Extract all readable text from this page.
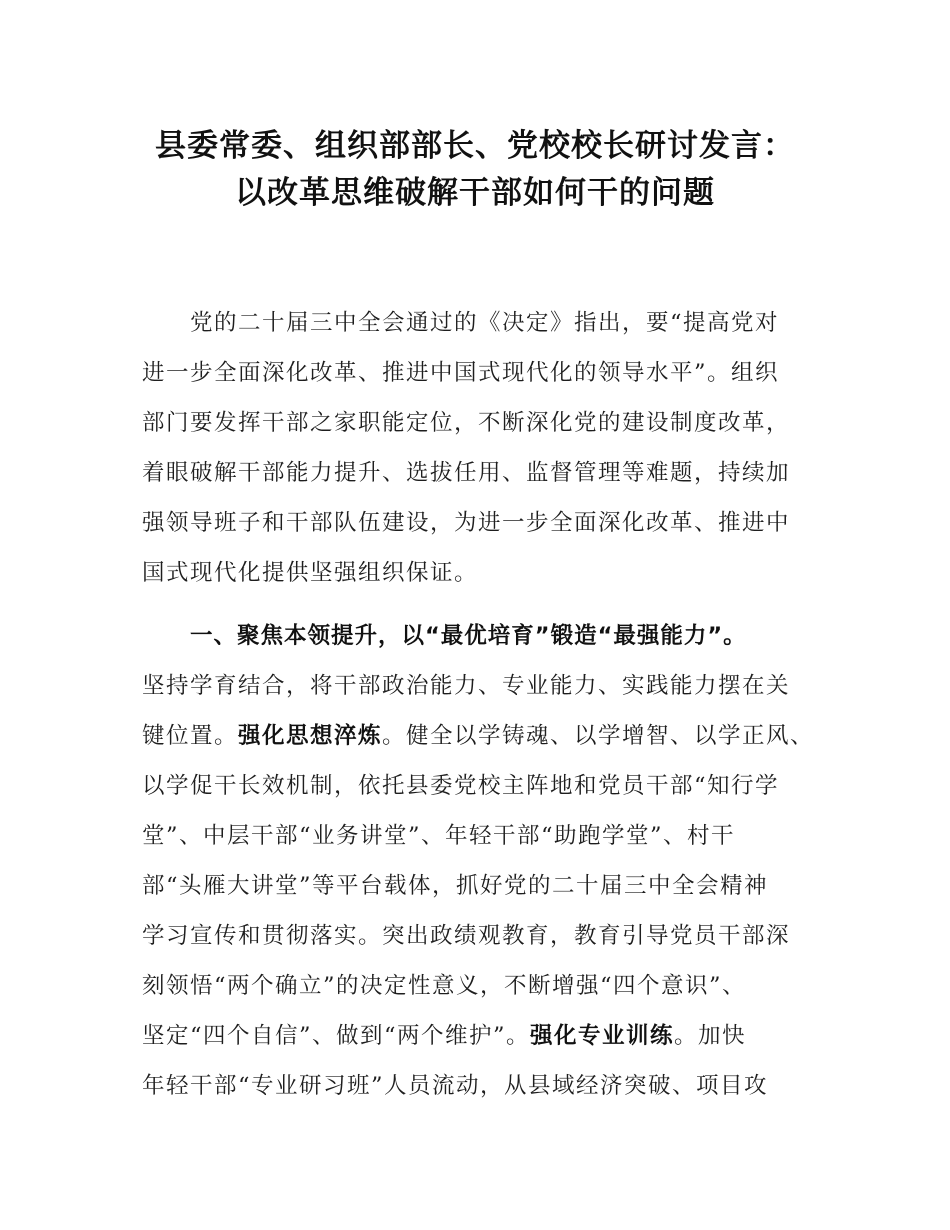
县委常委、组织部部长、党校校长研讨发言：
以改革思维破解干部如何干的问题
党的二十届三中全会通过的《决定》指出，要“提高党对
进一步全面深化改革、推进中国式现代化的领导水平”。组织
部门要发挥干部之家职能定位，不断深化党的建设制度改革，
着眼破解干部能力提升、选拔任用、监督管理等难题，持续加
强领导班子和干部队伍建设，为进一步全面深化改革、推进中
国式现代化提供坚强组织保证。
一、聚焦本领提升，以“最优培育”锻造“最强能力”。
坚持学育结合，将干部政治能力、专业能力、实践能力摆在关
键位置。强化思想淬炼。健全以学铸魂、以学增智、以学正风、
以学促干长效机制，依托县委党校主阵地和党员干部“知行学
堂”、中层干部“业务讲堂”、年轻干部“助跑学堂”、村干
部“头雁大讲堂”等平台载体，抓好党的二十届三中全会精神
学习宣传和贯彻落实。突出政绩观教育，教育引导党员干部深
刻领悟“两个确立”的决定性意义，不断增强“四个意识”、
坚定“四个自信”、做到“两个维护”。强化专业训练。加快
年轻干部“专业研习班”人员流动，从县域经济突破、项目攻
